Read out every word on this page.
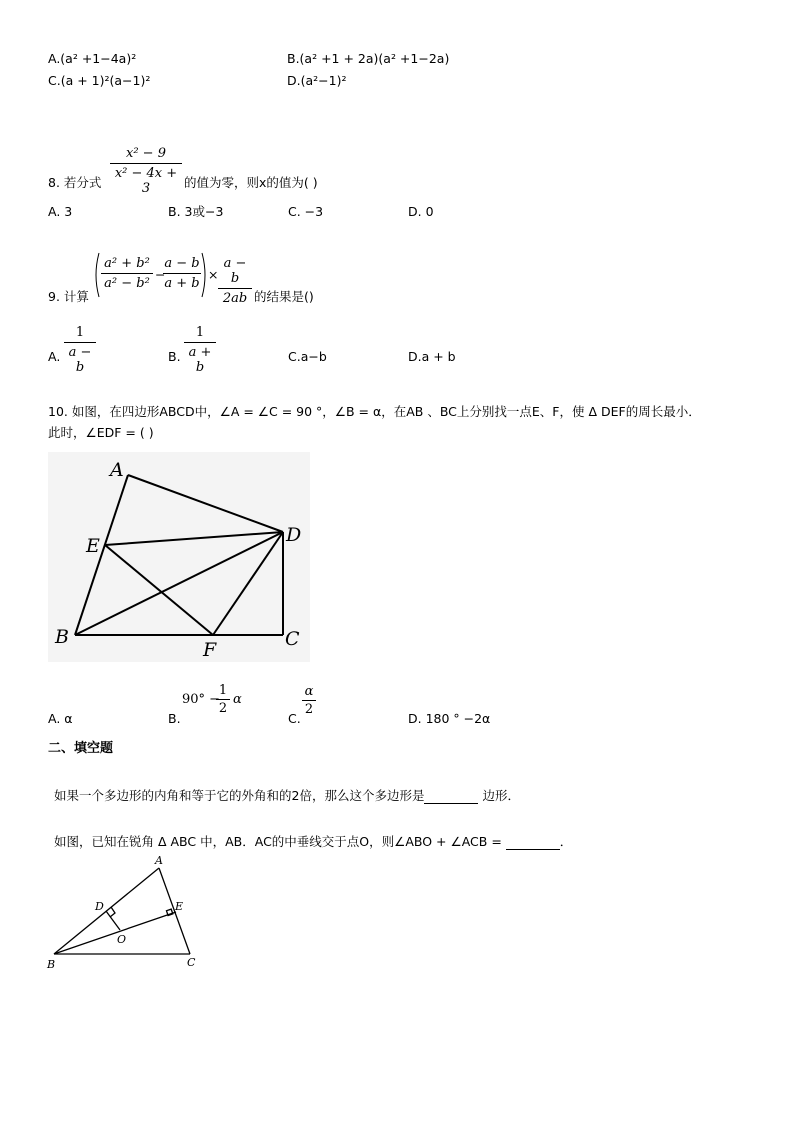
A.(a² +1−4a)²	B.(a² +1 + 2a)(a² +1−2a)
C.(a + 1)²(a−1)²	D.(a²−1)²
8. 若分式 $\frac{\text{x² − 9}}{\text{x² − 4x + 3}}$ 的值为零，则x的值为( )
A. 3	B. 3或−3	C. −3	D. 0
9. 计算
$\frac{\text{a² + b²}}{\text{a² − b²}}$ −
$\frac{a - b}{a + b} \times \frac{a - b}{2ab}$ 的结果是()
A. $\frac{1}{a - b}$	B. $\frac{1}{a + b}$	C.a−b	D.a + b
10. 如图，在四边形ABCD中，∠A = ∠C = 90 °，∠B = α，在AB 、BC上分别找一点E、F，使 Δ DEF的周长最小．
此时，∠EDF = ( )
A
E	D
B
F	C
A. α	B.
90° −
$\frac{1}{2}$ α
C.
$\frac{\alpha}{2}$
D. 180 ° −2α
二、填空题
如果一个多边形的内角和等于它的外角和的2倍，那么这个多边形是	边形．
如图，已知在锐角 Δ ABC 中，AB．AC的中垂线交于点O，则∠ABO + ∠ACB =	．
A
D	E
O
B	C
